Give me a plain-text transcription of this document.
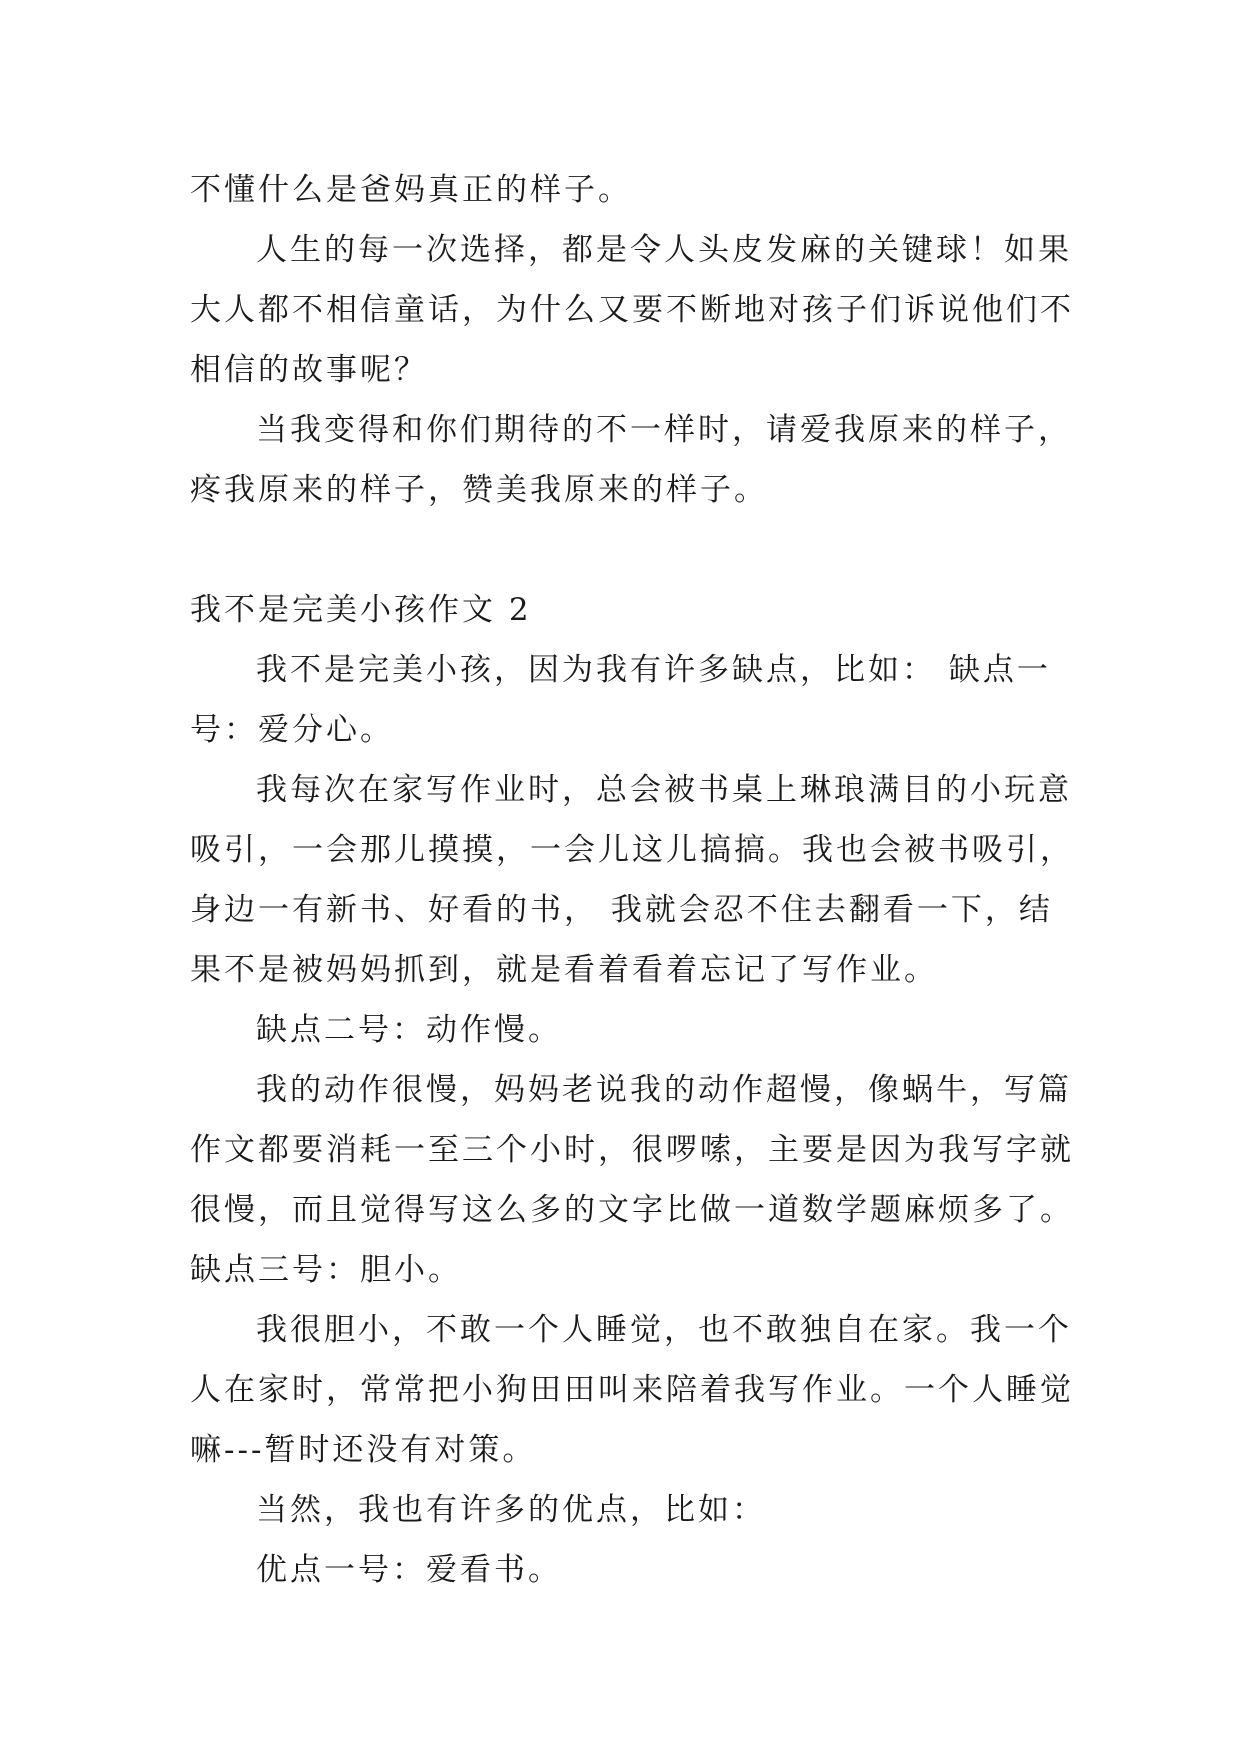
不懂什么是爸妈真正的样子。
人生的每一次选择，都是令人头皮发麻的关键球！如果
大人都不相信童话，为什么又要不断地对孩子们诉说他们不
相信的故事呢？
当我变得和你们期待的不一样时，请爱我原来的样子，
疼我原来的样子，赞美我原来的样子。
我不是完美小孩作文 2
我不是完美小孩，因为我有许多缺点，比如： 缺点一
号：爱分心。
我每次在家写作业时，总会被书桌上琳琅满目的小玩意
吸引，一会那儿摸摸，一会儿这儿搞搞。我也会被书吸引，
身边一有新书、好看的书， 我就会忍不住去翻看一下，结
果不是被妈妈抓到，就是看着看着忘记了写作业。
缺点二号：动作慢。
我的动作很慢，妈妈老说我的动作超慢，像蜗牛，写篇
作文都要消耗一至三个小时，很啰嗦，主要是因为我写字就
很慢，而且觉得写这么多的文字比做一道数学题麻烦多了。
缺点三号：胆小。
我很胆小，不敢一个人睡觉，也不敢独自在家。我一个
人在家时，常常把小狗田田叫来陪着我写作业。一个人睡觉
嘛---暂时还没有对策。
当然，我也有许多的优点，比如：
优点一号：爱看书。
